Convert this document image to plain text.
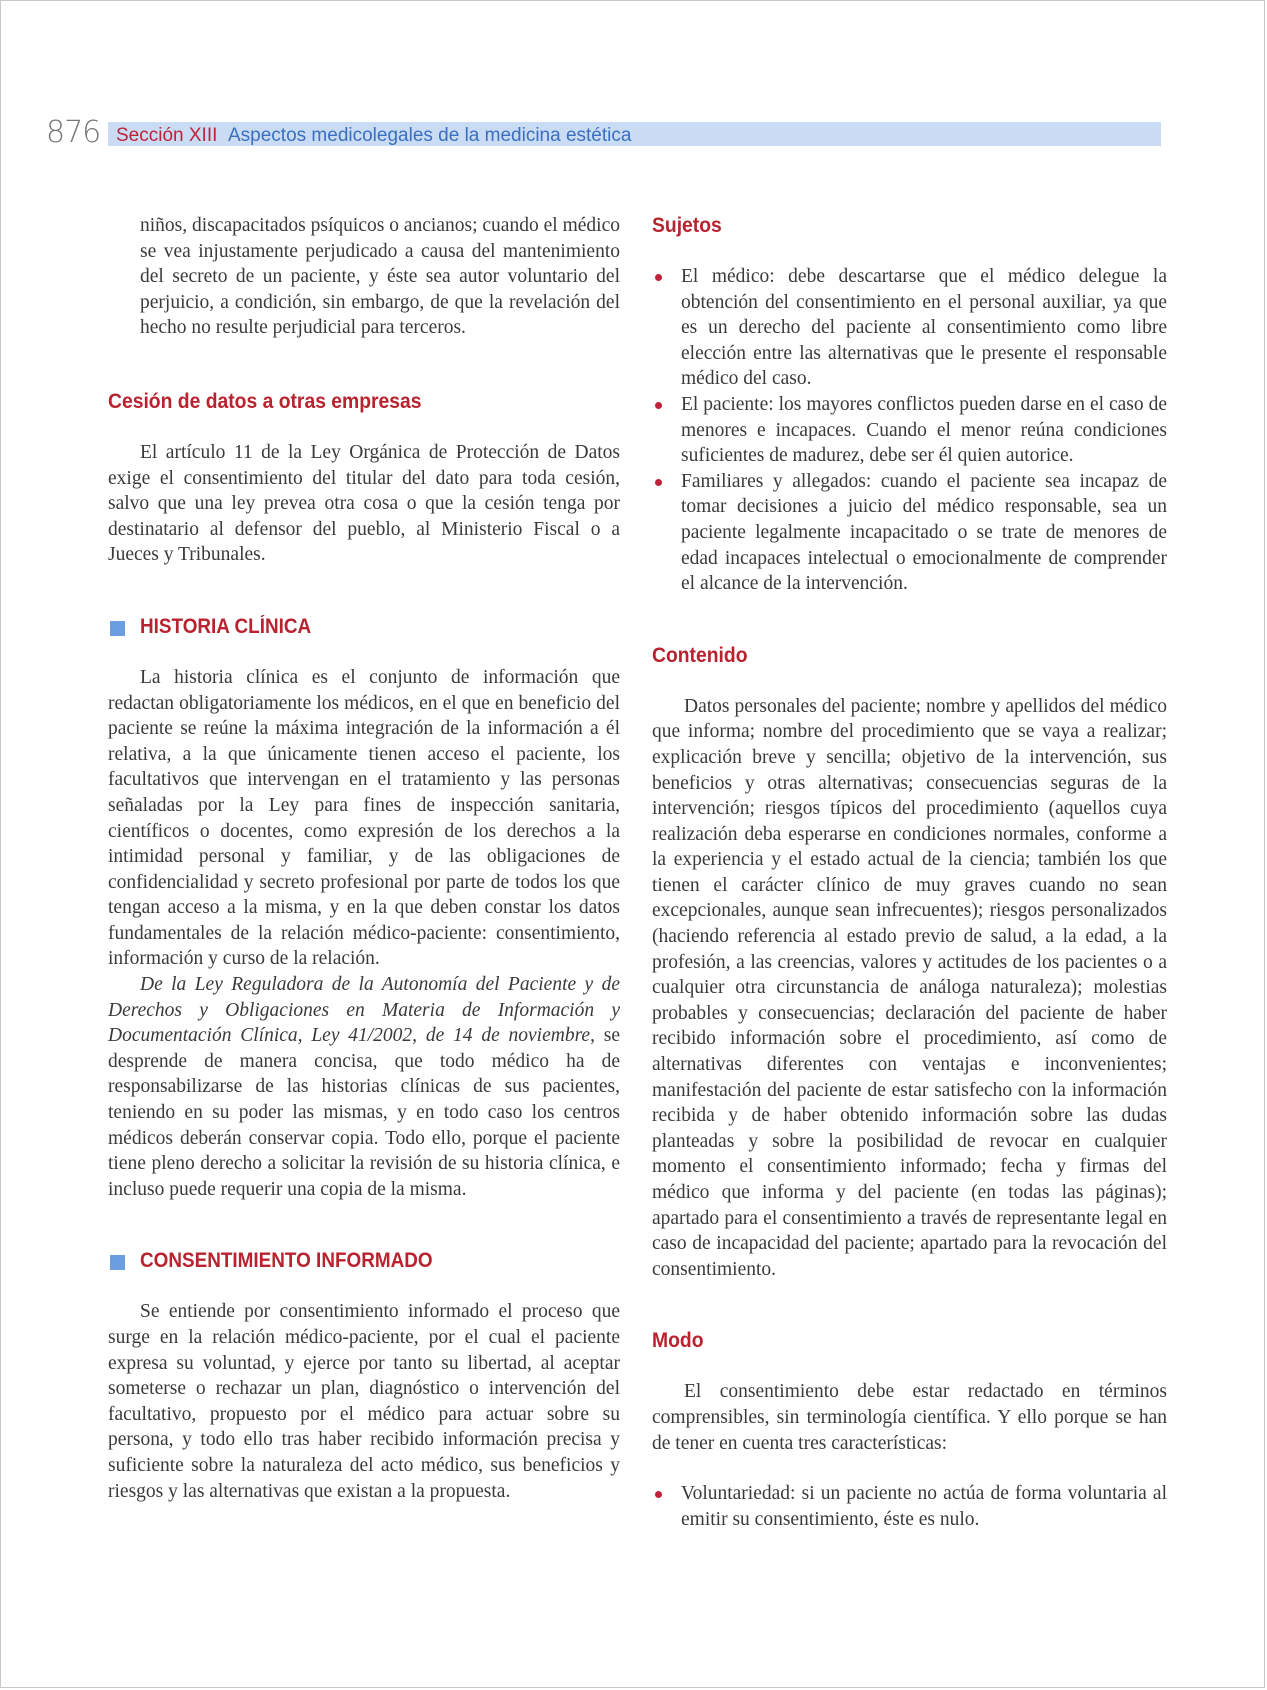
876 Sección XIII Aspectos medicolegales de la medicina estética

niños, discapacitados psíquicos o ancianos; cuando el médico se vea injustamente perjudicado a causa del mantenimiento del secreto de un paciente, y éste sea autor voluntario del perjuicio, a condición, sin embargo, de que la revelación del hecho no resulte perjudicial para terceros.

Cesión de datos a otras empresas

El artículo 11 de la Ley Orgánica de Protección de Datos exige el consentimiento del titular del dato para toda cesión, salvo que una ley prevea otra cosa o que la cesión tenga por destinatario al defensor del pueblo, al Ministerio Fiscal o a Jueces y Tribunales.

HISTORIA CLÍNICA

La historia clínica es el conjunto de información que redactan obligatoriamente los médicos, en el que en beneficio del paciente se reúne la máxima integración de la información a él relativa, a la que únicamente tienen acceso el paciente, los facultativos que intervengan en el tratamiento y las personas señaladas por la Ley para fines de inspección sanitaria, científicos o docentes, como expresión de los derechos a la intimidad personal y familiar, y de las obligaciones de confidencialidad y secreto profesional por parte de todos los que tengan acceso a la misma, y en la que deben constar los datos fundamentales de la relación médico-paciente: consentimiento, información y curso de la relación.

De la Ley Reguladora de la Autonomía del Paciente y de Derechos y Obligaciones en Materia de Información y Documentación Clínica, Ley 41/2002, de 14 de noviembre, se desprende de manera concisa, que todo médico ha de responsabilizarse de las historias clínicas de sus pacientes, teniendo en su poder las mismas, y en todo caso los centros médicos deberán conservar copia. Todo ello, porque el paciente tiene pleno derecho a solicitar la revisión de su historia clínica, e incluso puede requerir una copia de la misma.

CONSENTIMIENTO INFORMADO

Se entiende por consentimiento informado el proceso que surge en la relación médico-paciente, por el cual el paciente expresa su voluntad, y ejerce por tanto su libertad, al aceptar someterse o rechazar un plan, diagnóstico o intervención del facultativo, propuesto por el médico para actuar sobre su persona, y todo ello tras haber recibido información precisa y suficiente sobre la naturaleza del acto médico, sus beneficios y riesgos y las alternativas que existan a la propuesta.

Sujetos
El médico: debe descartarse que el médico delegue la obtención del consentimiento en el personal auxiliar, ya que es un derecho del paciente al consentimiento como libre elección entre las alternativas que le presente el responsable médico del caso.
El paciente: los mayores conflictos pueden darse en el caso de menores e incapaces. Cuando el menor reúna condiciones suficientes de madurez, debe ser él quien autorice.
Familiares y allegados: cuando el paciente sea incapaz de tomar decisiones a juicio del médico responsable, sea un paciente legalmente incapacitado o se trate de menores de edad incapaces intelectual o emocionalmente de comprender el alcance de la intervención.
Contenido

Datos personales del paciente; nombre y apellidos del médico que informa; nombre del procedimiento que se vaya a realizar; explicación breve y sencilla; objetivo de la intervención, sus beneficios y otras alternativas; consecuencias seguras de la intervención; riesgos típicos del procedimiento (aquellos cuya realización deba esperarse en condiciones normales, conforme a la experiencia y el estado actual de la ciencia; también los que tienen el carácter clínico de muy graves cuando no sean excepcionales, aunque sean infrecuentes); riesgos personalizados (haciendo referencia al estado previo de salud, a la edad, a la profesión, a las creencias, valores y actitudes de los pacientes o a cualquier otra circunstancia de análoga naturaleza); molestias probables y consecuencias; declaración del paciente de haber recibido información sobre el procedimiento, así como de alternativas diferentes con ventajas e inconvenientes; manifestación del paciente de estar satisfecho con la información recibida y de haber obtenido información sobre las dudas planteadas y sobre la posibilidad de revocar en cualquier momento el consentimiento informado; fecha y firmas del médico que informa y del paciente (en todas las páginas); apartado para el consentimiento a través de representante legal en caso de incapacidad del paciente; apartado para la revocación del consentimiento.

Modo

El consentimiento debe estar redactado en términos comprensibles, sin terminología científica. Y ello porque se han de tener en cuenta tres características:

Voluntariedad: si un paciente no actúa de forma voluntaria al emitir su consentimiento, éste es nulo.
